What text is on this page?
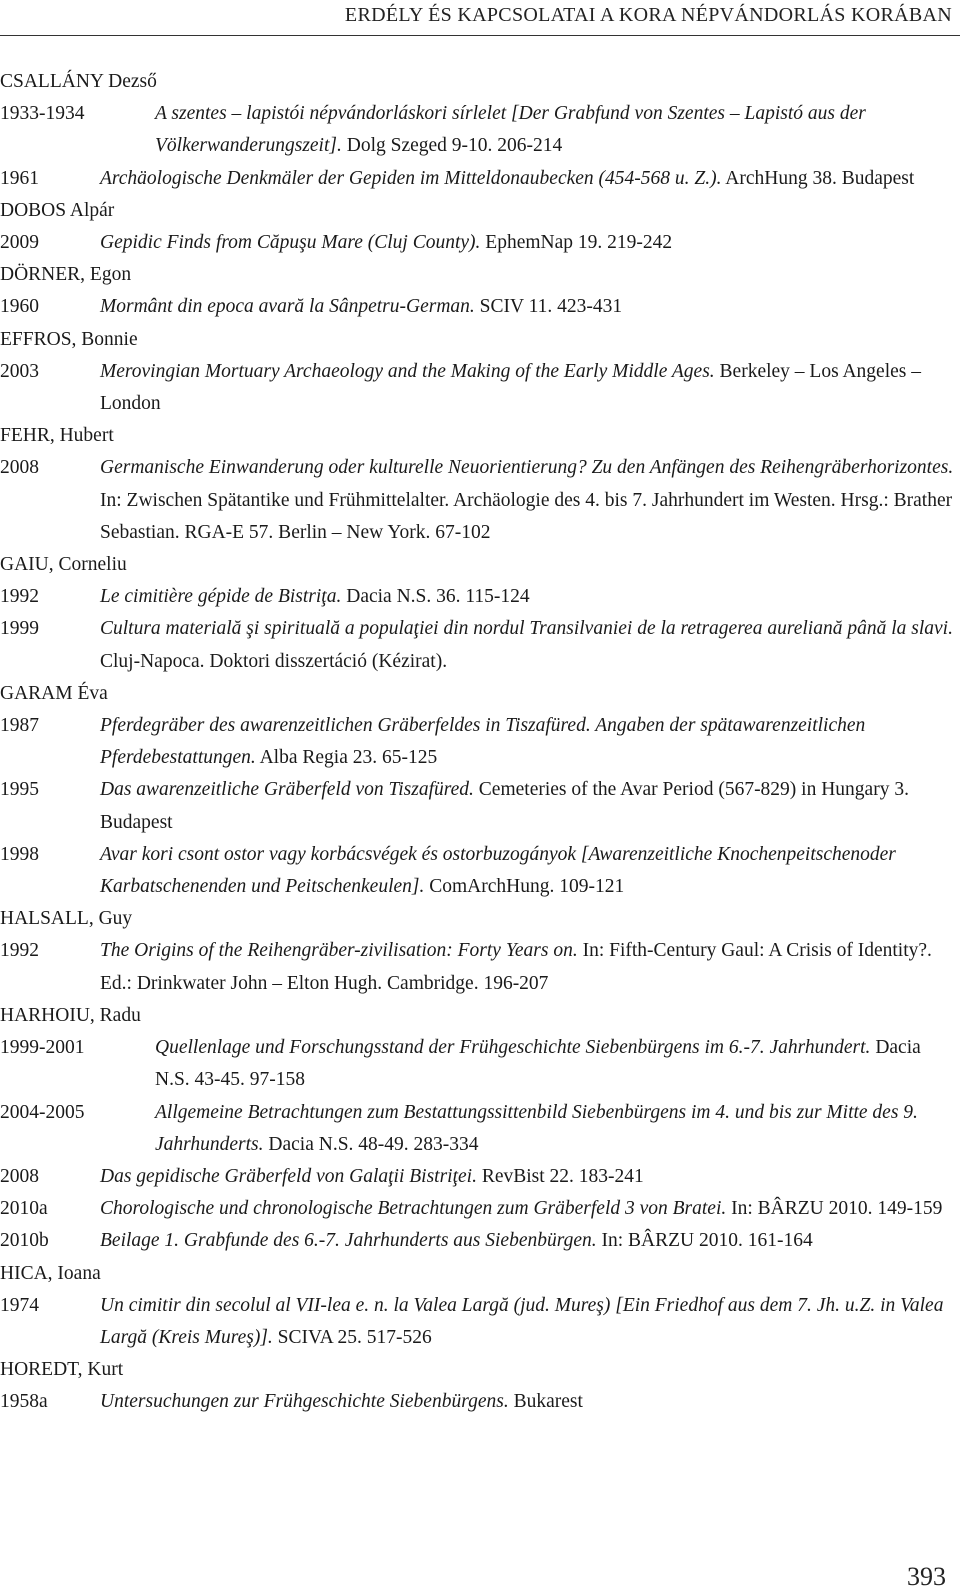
ERDÉLY ÉS KAPCSOLATAI A KORA NÉPVÁNDORLÁS KORÁBAN
CSALLÁNY Dezső
1933-1934	A szentes – lapistói népvándorláskori sírlelet [Der Grabfund von Szentes – Lapistó aus der Völkerwanderungszeit]. Dolg Szeged 9-10. 206-214
1961	Archäologische Denkmäler der Gepiden im Mitteldonaubecken (454-568 u. Z.). ArchHung 38. Budapest
DOBOS Alpár
2009	Gepidic Finds from Căpuşu Mare (Cluj County). EphemNap 19. 219-242
DÖRNER, Egon
1960	Mormânt din epoca avară la Sânpetru-German. SCIV 11. 423-431
EFFROS, Bonnie
2003	Merovingian Mortuary Archaeology and the Making of the Early Middle Ages. Berkeley – Los Angeles – London
FEHR, Hubert
2008	Germanische Einwanderung oder kulturelle Neuorientierung? Zu den Anfängen des Reihengräberhorizontes. In: Zwischen Spätantike und Frühmittelalter. Archäologie des 4. bis 7. Jahrhundert im Westen. Hrsg.: Brather Sebastian. RGA-E 57. Berlin – New York. 67-102
GAIU, Corneliu
1992	Le cimitière gépide de Bistriţa. Dacia N.S. 36. 115-124
1999	Cultura materială şi spirituală a populaţiei din nordul Transilvaniei de la retragerea aureliană până la slavi. Cluj-Napoca. Doktori disszertáció (Kézirat).
GARAM Éva
1987	Pferdegräber des awarenzeitlichen Gräberfeldes in Tiszafüred. Angaben der spätawarenzeitlichen Pferdebestattungen. Alba Regia 23. 65-125
1995	Das awarenzeitliche Gräberfeld von Tiszafüred. Cemeteries of the Avar Period (567-829) in Hungary 3. Budapest
1998	Avar kori csont ostor vagy korbácsvégek és ostorbuzogányok [Awarenzeitliche Knochenpeitschenoder Karbatschenenden und Peitschenkeulen]. ComArchHung. 109-121
HALSALL, Guy
1992	The Origins of the Reihengräber-zivilisation: Forty Years on. In: Fifth-Century Gaul: A Crisis of Identity?. Ed.: Drinkwater John – Elton Hugh. Cambridge. 196-207
HARHOIU, Radu
1999-2001	Quellenlage und Forschungsstand der Frühgeschichte Siebenbürgens im 6.-7. Jahrhundert. Dacia N.S. 43-45. 97-158
2004-2005	Allgemeine Betrachtungen zum Bestattungssittenbild Siebenbürgens im 4. und bis zur Mitte des 9. Jahrhunderts. Dacia N.S. 48-49. 283-334
2008	Das gepidische Gräberfeld von Galaţii Bistriţei. RevBist 22. 183-241
2010a	Chorologische und chronologische Betrachtungen zum Gräberfeld 3 von Bratei. In: BÂRZU 2010. 149-159
2010b	Beilage 1. Grabfunde des 6.-7. Jahrhunderts aus Siebenbürgen. In: BÂRZU 2010. 161-164
HICA, Ioana
1974	Un cimitir din secolul al VII-lea e. n. la Valea Largă (jud. Mureş) [Ein Friedhof aus dem 7. Jh. u.Z. in Valea Largă (Kreis Mureş)]. SCIVA 25. 517-526
HOREDT, Kurt
1958a	Untersuchungen zur Frühgeschichte Siebenbürgens. Bukarest
393
